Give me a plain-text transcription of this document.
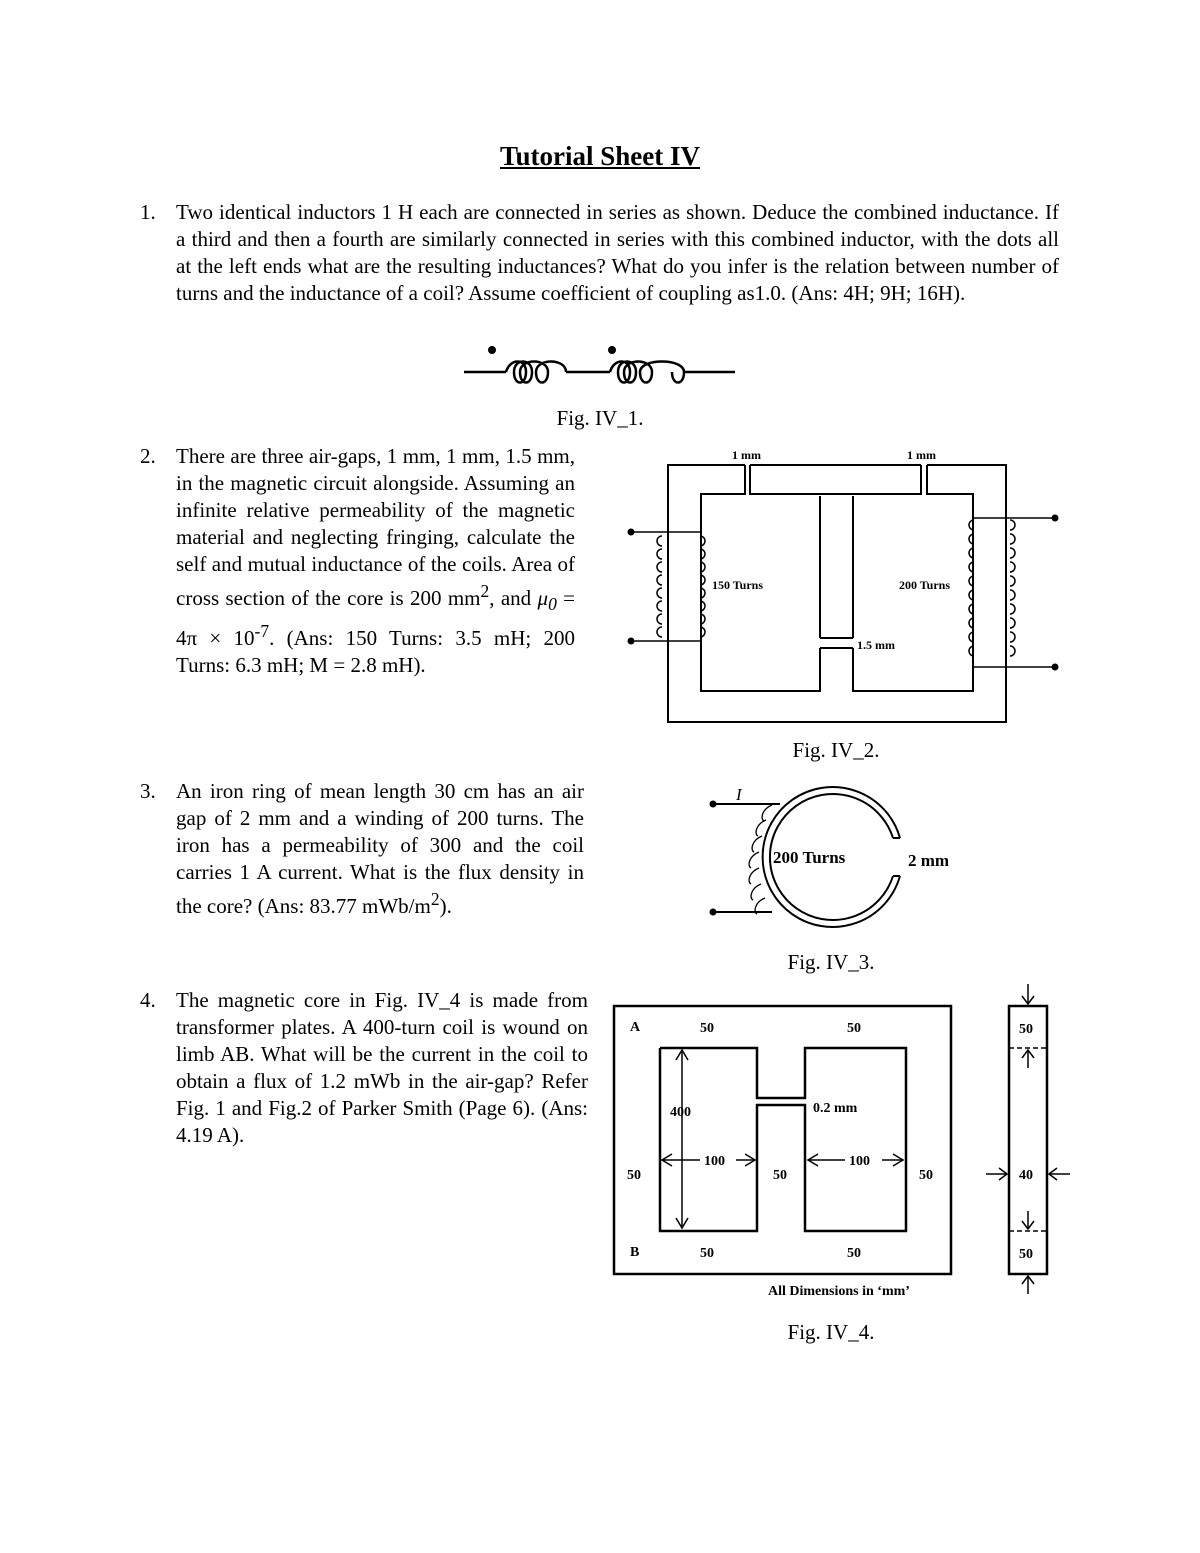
Tutorial Sheet IV
1. Two identical inductors 1 H each are connected in series as shown. Deduce the combined inductance. If a third and then a fourth are similarly connected in series with this combined inductor, with the dots all at the left ends what are the resulting inductances? What do you infer is the relation between number of turns and the inductance of a coil? Assume coefficient of coupling as1.0. (Ans: 4H; 9H; 16H).
Fig. IV_1.
2. There are three air-gaps, 1 mm, 1 mm, 1.5 mm, in the magnetic circuit alongside. Assuming an infinite relative permeability of the magnetic material and neglecting fringing, calculate the self and mutual inductance of the coils. Area of cross section of the core is 200 $mm^2$, and $\mu_0 = 4\pi \times 10^{-7}$. (Ans: 150 Turns: 3.5 mH; 200 Turns: 6.3 mH; M = 2.8 mH).
1 mm	1 mm
1.5 mm
150 Turns	200 Turns
Fig. IV_2.
3. An iron ring of mean length 30 cm has an air gap of 2 mm and a winding of 200 turns. The iron has a permeability of 300 and the coil carries 1 A current. What is the flux density in the core? (Ans: 83.77 mWb/$m^2$).
I
200 Turns	2 mm
Fig. IV_3.
4. The magnetic core in Fig. IV_4 is made from transformer plates. A 400-turn coil is wound on limb AB. What will be the current in the coil to obtain a flux of 1.2 mWb in the air-gap? Refer Fig. 1 and Fig.2 of Parker Smith (Page 6). (Ans: 4.19 A).
A
B
50	50
400	0.2 mm
100	100
50	50	50
50	50
50
40
50
All Dimensions in ‘mm’
Fig. IV_4.
